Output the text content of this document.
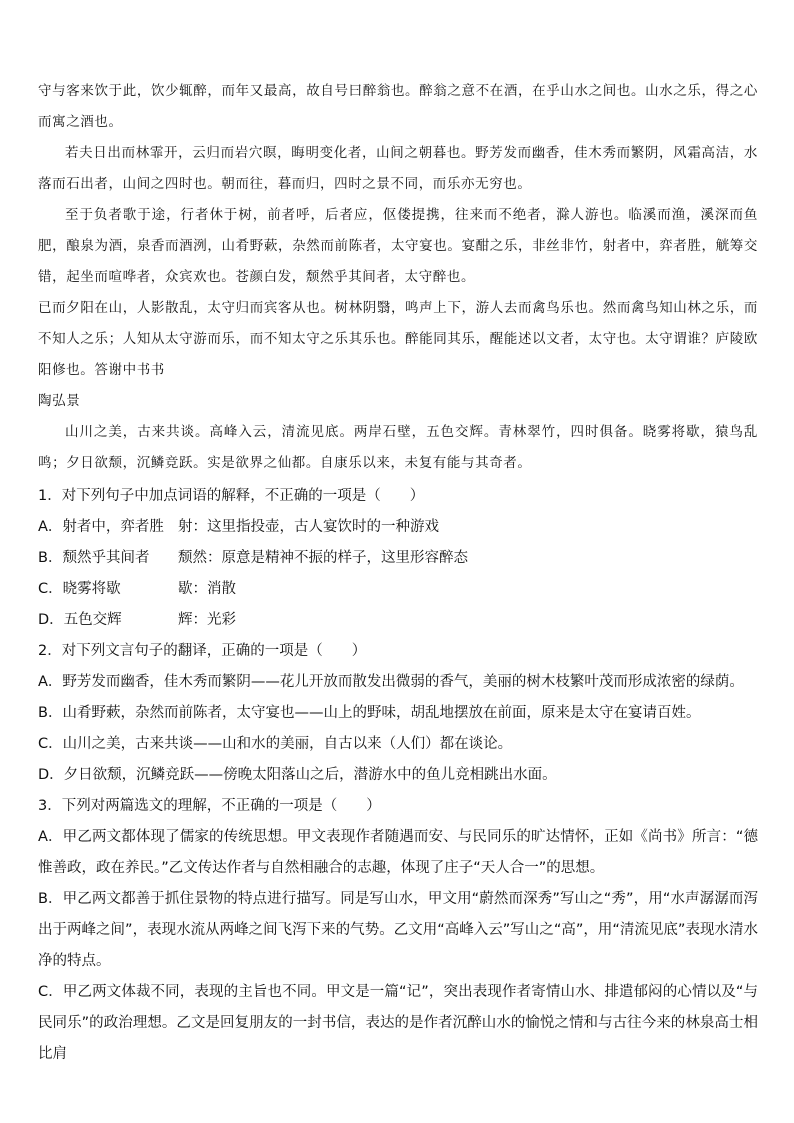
守与客来饮于此，饮少辄醉，而年又最高，故自号曰醉翁也。醉翁之意不在酒，在乎山水之间也。山水之乐，得之心而寓之酒也。

若夫日出而林霏开，云归而岩穴暝，晦明变化者，山间之朝暮也。野芳发而幽香，佳木秀而繁阴，风霜高洁，水落而石出者，山间之四时也。朝而往，暮而归，四时之景不同，而乐亦无穷也。

至于负者歌于途，行者休于树，前者呼，后者应，伛偻提携，往来而不绝者，滁人游也。临溪而渔，溪深而鱼肥，酿泉为酒，泉香而酒洌，山肴野蔌，杂然而前陈者，太守宴也。宴酣之乐，非丝非竹，射者中，弈者胜，觥筹交错，起坐而喧哗者，众宾欢也。苍颜白发，颓然乎其间者，太守醉也。

已而夕阳在山，人影散乱，太守归而宾客从也。树林阴翳，鸣声上下，游人去而禽鸟乐也。然而禽鸟知山林之乐，而不知人之乐；人知从太守游而乐，而不知太守之乐其乐也。醉能同其乐，醒能述以文者，太守也。太守谓谁？庐陵欧阳修也。答谢中书书

陶弘景

山川之美，古来共谈。高峰入云，清流见底。两岸石壁，五色交辉。青林翠竹，四时俱备。晓雾将歇，猿鸟乱鸣；夕日欲颓，沉鳞竞跃。实是欲界之仙都。自康乐以来，未复有能与其奇者。

1．对下列句子中加点词语的解释，不正确的一项是（　　）

A．射者中，弈者胜 射：这里指投壶，古人宴饮时的一种游戏

B．颓然乎其间者 颓然：原意是精神不振的样子，这里形容醉态

C．晓雾将歇	歇：消散

D．五色交辉	辉：光彩

2．对下列文言句子的翻译，正确的一项是（　　）

A．野芳发而幽香，佳木秀而繁阴——花儿开放而散发出微弱的香气，美丽的树木枝繁叶茂而形成浓密的绿荫。

B．山肴野蔌，杂然而前陈者，太守宴也——山上的野味，胡乱地摆放在前面，原来是太守在宴请百姓。

C．山川之美，古来共谈——山和水的美丽，自古以来（人们）都在谈论。

D．夕日欲颓，沉鳞竞跃——傍晚太阳落山之后，潜游水中的鱼儿竞相跳出水面。

3．下列对两篇选文的理解，不正确的一项是（　　）

A．甲乙两文都体现了儒家的传统思想。甲文表现作者随遇而安、与民同乐的旷达情怀，正如《尚书》所言：“德惟善政，政在养民。”乙文传达作者与自然相融合的志趣，体现了庄子“天人合一”的思想。

B．甲乙两文都善于抓住景物的特点进行描写。同是写山水，甲文用“蔚然而深秀”写山之“秀”，用“水声潺潺而泻出于两峰之间”，表现水流从两峰之间飞泻下来的气势。乙文用“高峰入云”写山之“高”，用“清流见底”表现水清水净的特点。

C．甲乙两文体裁不同，表现的主旨也不同。甲文是一篇“记”，突出表现作者寄情山水、排遣郁闷的心情以及“与民同乐”的政治理想。乙文是回复朋友的一封书信，表达的是作者沉醉山水的愉悦之情和与古往今来的林泉高士相比肩
